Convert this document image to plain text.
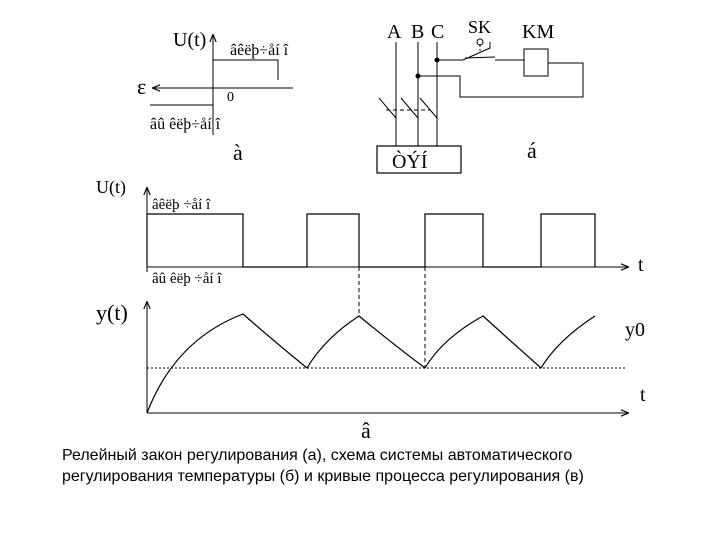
U(t) âêëþ÷åí î
ε	0
âû êëþ÷åí î
à
A B C SK KM
ÒÝÍ	á
U(t)
âêëþ ÷åí î
âû êëþ ÷åí î
t
y(t)
y0
t
â
Релейный закон регулирования (а), схема системы автоматического
регулирования температуры (б) и кривые процесса регулирования (в)
